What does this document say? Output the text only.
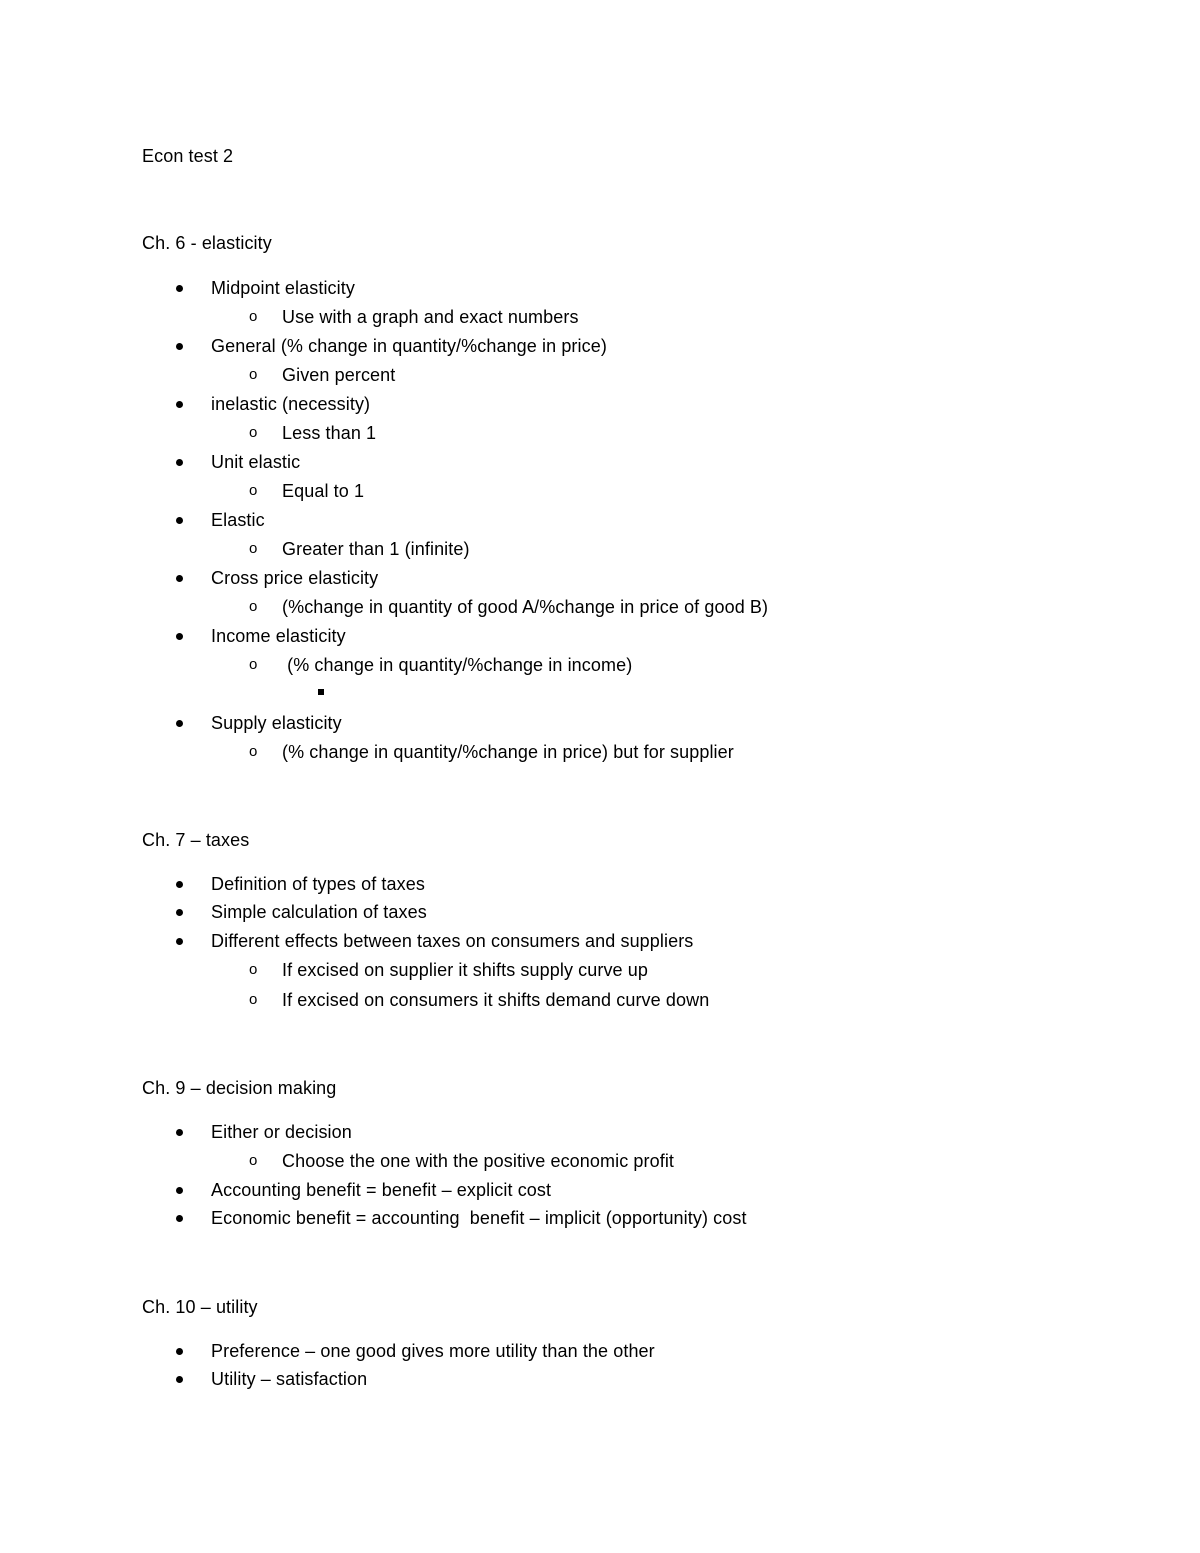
Econ test 2
Ch. 6 - elasticity
Midpoint elasticity
o Use with a graph and exact numbers
General (% change in quantity/%change in price)
o Given percent
inelastic (necessity)
o Less than 1
Unit elastic
o Equal to 1
Elastic
o Greater than 1 (infinite)
Cross price elasticity
o (%change in quantity of good A/%change in price of good B)
Income elasticity
o (% change in quantity/%change in income)
Supply elasticity
o (% change in quantity/%change in price) but for supplier
Ch. 7 – taxes
Definition of types of taxes
Simple calculation of taxes
Different effects between taxes on consumers and suppliers
o If excised on supplier it shifts supply curve up
o If excised on consumers it shifts demand curve down
Ch. 9 – decision making
Either or decision
o Choose the one with the positive economic profit
Accounting benefit = benefit – explicit cost
Economic benefit = accounting  benefit – implicit (opportunity) cost
Ch. 10 – utility
Preference – one good gives more utility than the other
Utility – satisfaction
